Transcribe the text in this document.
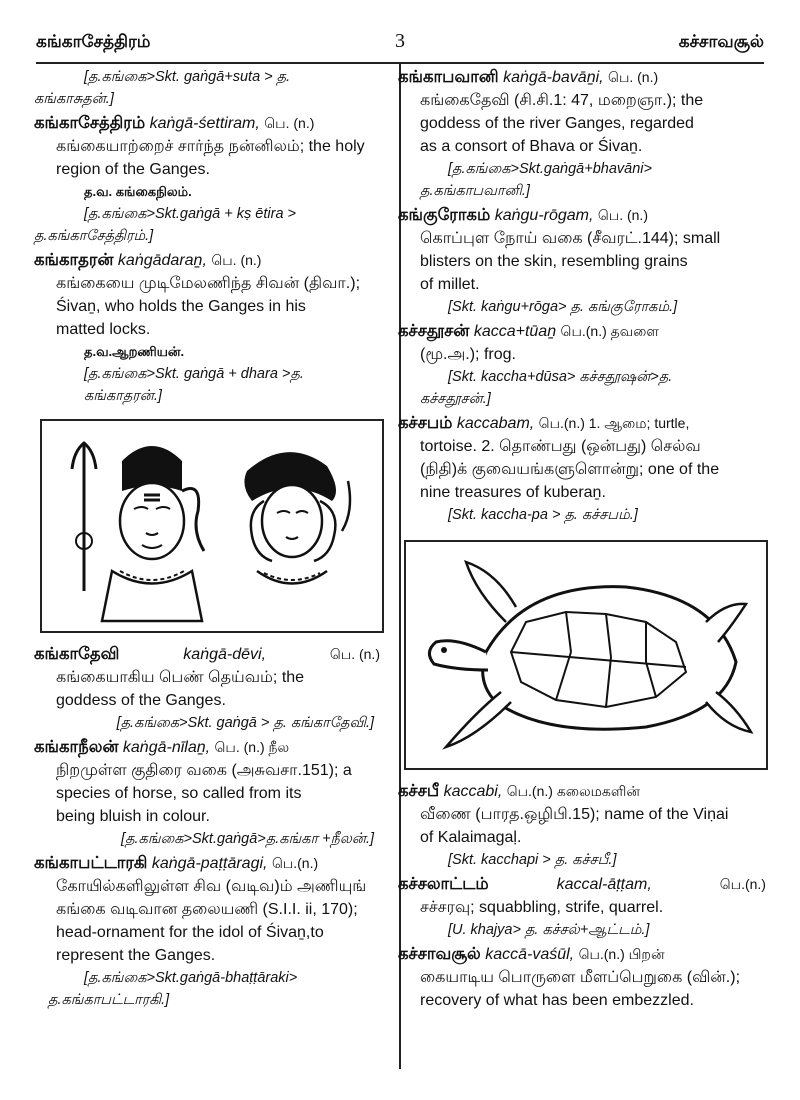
கங்காசேத்திரம்	3	கச்சாவசூல்
[த.கங்கை>Skt. gaṅgā+suta > த.
கங்காசுதன்.]
கங்காசேத்திரம் kaṅgā-śettiram, பெ. (n.)
கங்கையாற்றைச் சார்ந்த நன்னிலம்; the holy
region of the Ganges.
த.வ. கங்கைநிலம்.
[த.கங்கை>Skt.gaṅgā + kṣ ētira >
த.கங்காசேத்திரம்.]
கங்காதரன் kaṅgādaraṉ, பெ. (n.)
கங்கையை முடிமேலணிந்த சிவன் (திவா.);
Śivaṉ, who holds the Ganges in his
matted locks.
த.வ.ஆறணியன்.
[த.கங்கை>Skt. gaṅgā + dhara >த.
கங்காதரன்.]
கங்காதேவி	kaṅgā-dēvi,	பெ. (n.)
கங்கையாகிய பெண் தெய்வம்; the
goddess of the Ganges.
[த.கங்கை>Skt. gaṅgā > த. கங்காதேவி.]
கங்காநீலன் kaṅgā-nīlaṉ, பெ. (n.) நீல
நிறமுள்ள குதிரை வகை (அசுவசா.151); a
species of horse, so called from its
being bluish in colour.
[த.கங்கை>Skt.gaṅgā>த.கங்கா +நீலன்.]
கங்காபட்டாரகி kaṅgā-paṭṭāragi, பெ.(n.)
கோயில்களிலுள்ள சிவ (வடிவ)ம் அணியுங்
கங்கை வடிவான தலையணி (S.I.I. ii, 170);
head-ornament for the idol of Śivaṉ,to
represent the Ganges.
[த.கங்கை>Skt.gaṅgā-bhaṭṭāraki>
த.கங்காபட்டாரகி.]
கங்காபவானி kaṅgā-bavāṉi, பெ. (n.)
கங்கைதேவி (சி.சி.1: 47, மறைஞா.); the
goddess of the river Ganges, regarded
as a consort of Bhava or Śivaṉ.
[த.கங்கை>Skt.gaṅgā+bhavāni>
த.கங்காபவானி.]
கங்குரோகம் kaṅgu-rōgam, பெ. (n.)
கொப்புள நோய் வகை (சீவரட்.144); small
blisters on the skin, resembling grains
of millet.
[Skt. kaṅgu+rōga> த. கங்குரோகம்.]
கச்சதூசன் kacca+tūaṉ பெ.(n.) தவளை
(மூ.அ.); frog.
[Skt. kaccha+dūsa> கச்சதூஷன்>த.
கச்சதூசன்.]
கச்சபம் kaccabam, பெ.(n.) 1. ஆமை; turtle,
tortoise. 2. தொண்பது (ஒன்பது) செல்வ
(நிதி)க் குவையங்களுளொன்று; one of the
nine treasures of kuberaṉ.
[Skt. kaccha-pa > த. கச்சபம்.]
கச்சபீ kaccabi, பெ.(n.) கலைமகளின்
வீணை (பாரத.ஒழிபி.15); name of the Viṇai
of Kalaimagaḷ.
[Skt. kacchapi > த. கச்சபீ.]
கச்சலாட்டம்	kaccal-āṭṭam,	பெ.(n.)
சச்சரவு; squabbling, strife, quarrel.
[U. khajya> த. கச்சல்+ஆட்டம்.]
கச்சாவசூல் kaccā-vaśūl, பெ.(n.) பிறன்
கையாடிய பொருளை மீளப்பெறுகை (வின்.);
recovery of what has been embezzled.
